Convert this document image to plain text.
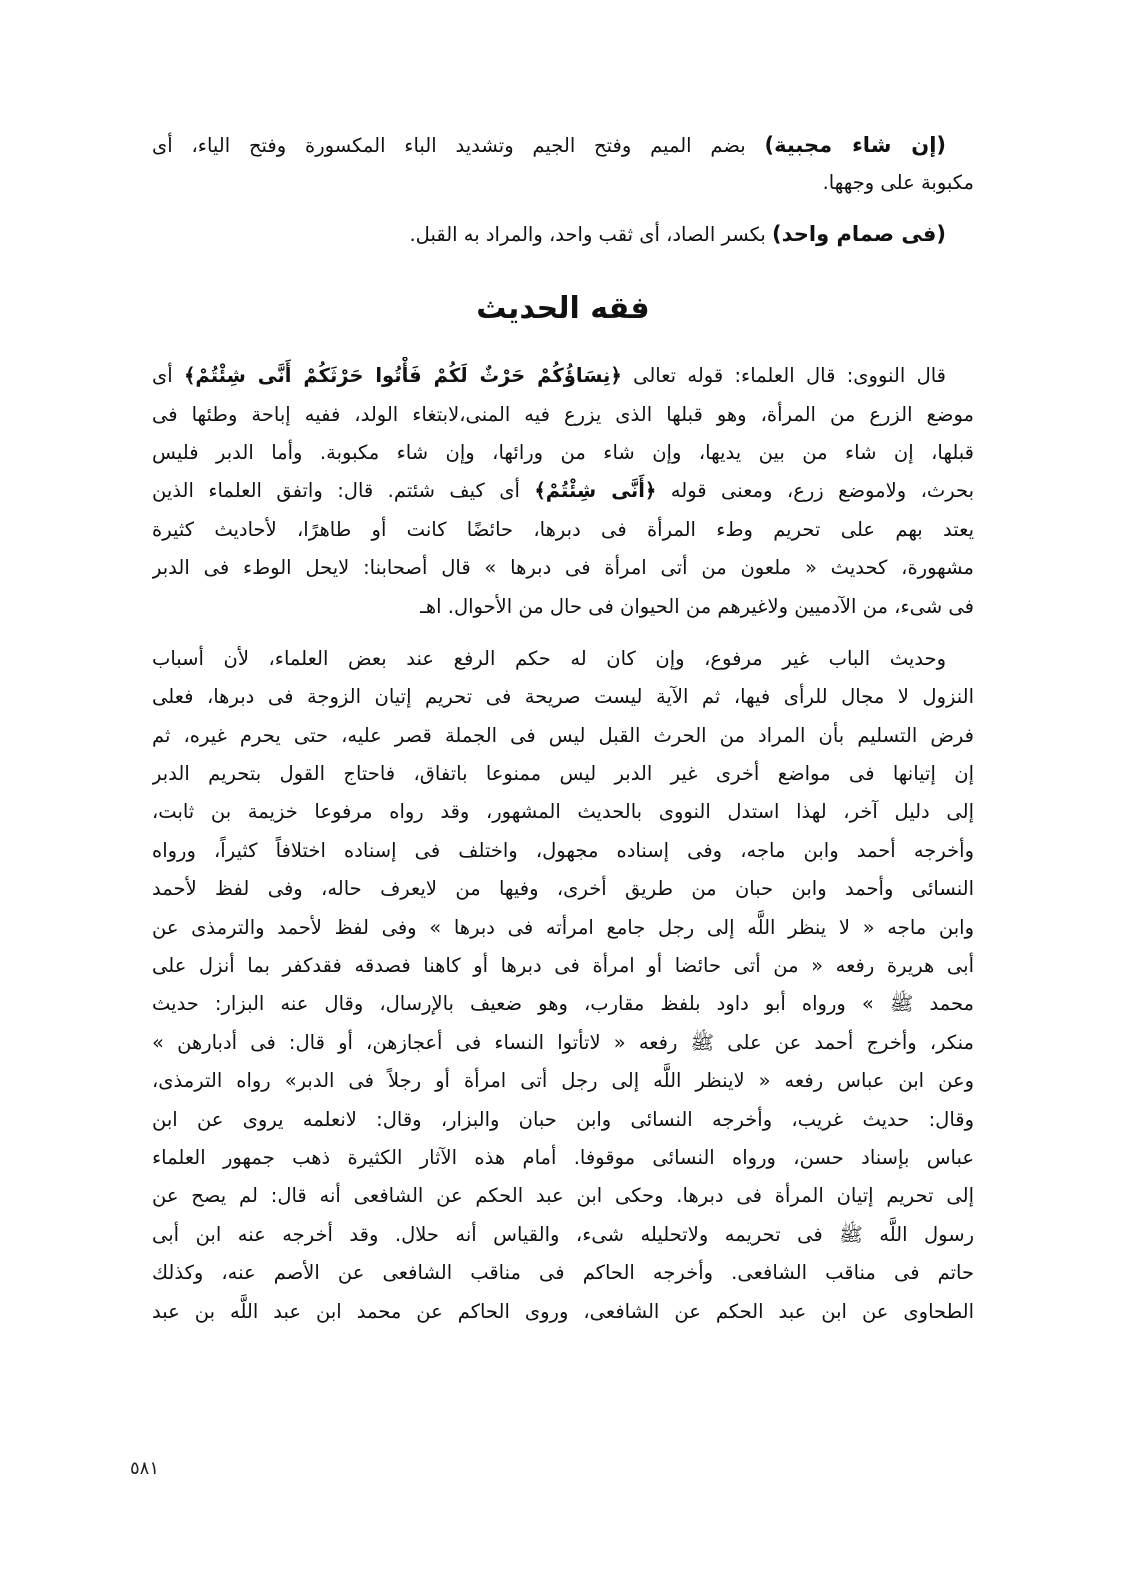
(إن شاء مجبية) بضم الميم وفتح الجيم وتشديد الباء المكسورة وفتح الياء، أى
مكبوبة على وجهها.
(فى صمام واحد) بكسر الصاد، أى ثقب واحد، والمراد به القبل.
فقه الحديث
قال النووى: قال العلماء: قوله تعالى ﴿نِسَاؤُكُمْ حَرْثٌ لَكُمْ فَأْتُوا حَرْثَكُمْ أَنَّى شِئْتُمْ﴾ أى
موضع الزرع من المرأة، وهو قبلها الذى يزرع فيه المنى،لابتغاء الولد، ففيه إباحة وطئها فى
قبلها، إن شاء من بين يديها، وإن شاء من ورائها، وإن شاء مكبوبة. وأما الدبر فليس
بحرث، ولاموضع زرع، ومعنى قوله ﴿أَنَّى شِئْتُمْ﴾ أى كيف شئتم. قال: واتفق العلماء الذين
يعتد بهم على تحريم وطء المرأة فى دبرها، حائضًا كانت أو طاهرًا، لأحاديث كثيرة
مشهورة، كحديث « ملعون من أتى امرأة فى دبرها » قال أصحابنا: لايحل الوطء فى الدبر
فى شىء، من الآدميين ولاغيرهم من الحيوان فى حال من الأحوال. اهـ
وحديث الباب غير مرفوع، وإن كان له حكم الرفع عند بعض العلماء، لأن أسباب
النزول لا مجال للرأى فيها، ثم الآية ليست صريحة فى تحريم إتيان الزوجة فى دبرها، فعلى
فرض التسليم بأن المراد من الحرث القبل ليس فى الجملة قصر عليه، حتى يحرم غيره، ثم
إن إتيانها فى مواضع أخرى غير الدبر ليس ممنوعا باتفاق، فاحتاج القول بتحريم الدبر
إلى دليل آخر، لهذا استدل النووى بالحديث المشهور، وقد رواه مرفوعا خزيمة بن ثابت،
وأخرجه أحمد وابن ماجه، وفى إسناده مجهول، واختلف فى إسناده اختلافاً كثيراً، ورواه
النسائى وأحمد وابن حبان من طريق أخرى، وفيها من لايعرف حاله، وفى لفظ لأحمد
وابن ماجه « لا ينظر اللَّه إلى رجل جامع امرأته فى دبرها » وفى لفظ لأحمد والترمذى عن
أبى هريرة رفعه « من أتى حائضا أو امرأة فى دبرها أو كاهنا فصدقه فقدكفر بما أنزل على
محمد ﷺ » ورواه أبو داود بلفظ مقارب، وهو ضعيف بالإرسال، وقال عنه البزار: حديث
منكر، وأخرج أحمد عن على ﷺ رفعه « لاتأتوا النساء فى أعجازهن، أو قال: فى أدبارهن »
وعن ابن عباس رفعه « لاينظر اللَّه إلى رجل أتى امرأة أو رجلاً فى الدبر» رواه الترمذى،
وقال: حديث غريب، وأخرجه النسائى وابن حبان والبزار، وقال: لانعلمه يروى عن ابن
عباس بإسناد حسن، ورواه النسائى موقوفا. أمام هذه الآثار الكثيرة ذهب جمهور العلماء
إلى تحريم إتيان المرأة فى دبرها. وحكى ابن عبد الحكم عن الشافعى أنه قال: لم يصح عن
رسول اللَّه ﷺ فى تحريمه ولاتحليله شىء، والقياس أنه حلال. وقد أخرجه عنه ابن أبى
حاتم فى مناقب الشافعى. وأخرجه الحاكم فى مناقب الشافعى عن الأصم عنه، وكذلك
الطحاوى عن ابن عبد الحكم عن الشافعى، وروى الحاكم عن محمد ابن عبد اللَّه بن عبد
٥٨١
